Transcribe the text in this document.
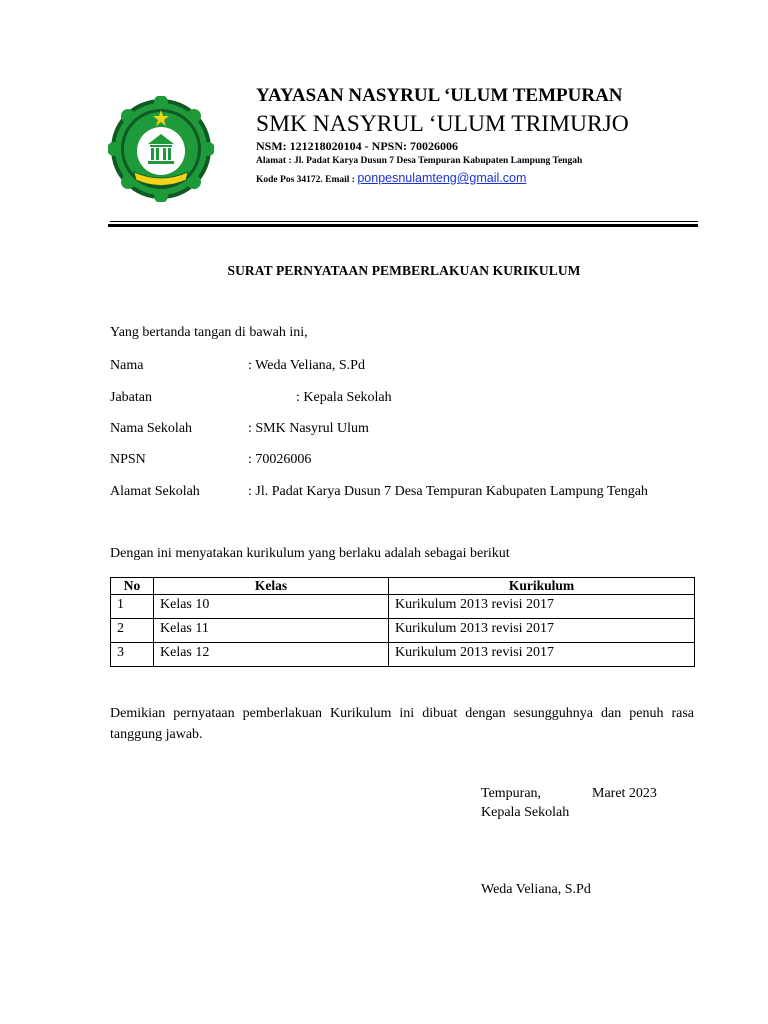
YAYASAN NASYRUL ‘ULUM TEMPURAN
SMK NASYRUL ‘ULUM TRIMURJO
NSM: 121218020104 - NPSN: 70026006
Alamat : Jl. Padat Karya Dusun 7 Desa Tempuran Kabupaten Lampung Tengah
Kode Pos 34172. Email : ponpesnulamteng@gmail.com
SURAT PERNYATAAN PEMBERLAKUAN KURIKULUM
Yang bertanda tangan di bawah ini,
Nama	: Weda Veliana, S.Pd
Jabatan	: Kepala Sekolah
Nama Sekolah	: SMK Nasyrul Ulum
NPSN	: 70026006
Alamat Sekolah	: Jl. Padat Karya Dusun 7 Desa Tempuran Kabupaten Lampung Tengah
Dengan ini menyatakan kurikulum yang berlaku adalah sebagai berikut
No	Kelas	Kurikulum
1	Kelas 10	Kurikulum 2013 revisi 2017
2	Kelas 11	Kurikulum 2013 revisi 2017
3	Kelas 12	Kurikulum 2013 revisi 2017
Demikian pernyataan pemberlakuan Kurikulum ini dibuat dengan sesungguhnya dan penuh rasa tanggung jawab.
Tempuran,	Maret 2023
Kepala Sekolah
Weda Veliana, S.Pd
